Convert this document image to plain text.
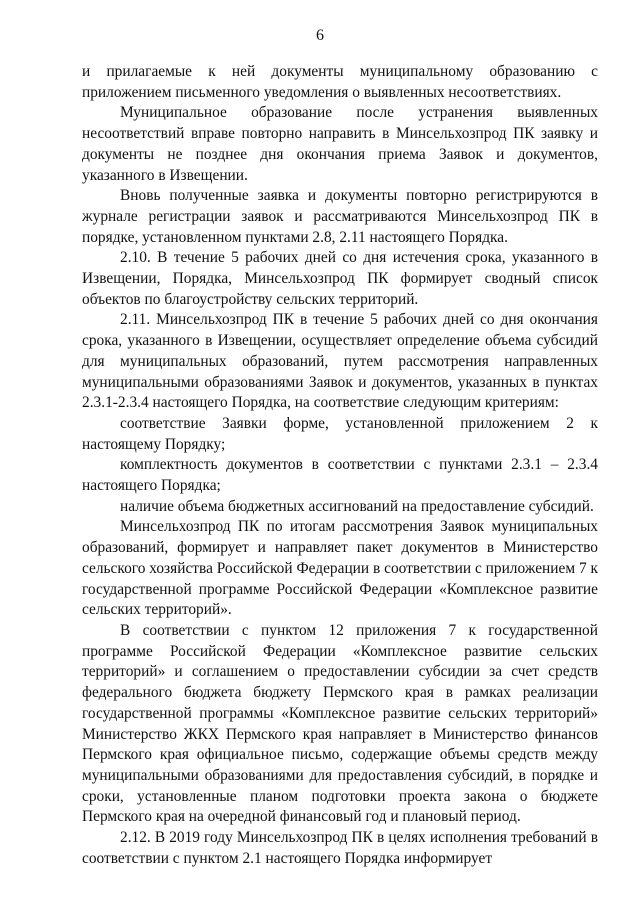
6

и прилагаемые к ней документы муниципальному образованию с приложением письменного уведомления о выявленных несоответствиях.

Муниципальное образование после устранения выявленных несоответствий вправе повторно направить в Минсельхозпрод ПК заявку и документы не позднее дня окончания приема Заявок и документов, указанного в Извещении.

Вновь полученные заявка и документы повторно регистрируются в журнале регистрации заявок и рассматриваются Минсельхозпрод ПК в порядке, установленном пунктами 2.8, 2.11 настоящего Порядка.

2.10. В течение 5 рабочих дней со дня истечения срока, указанного в Извещении, Порядка, Минсельхозпрод ПК формирует сводный список объектов по благоустройству сельских территорий.

2.11. Минсельхозпрод ПК в течение 5 рабочих дней со дня окончания срока, указанного в Извещении, осуществляет определение объема субсидий для муниципальных образований, путем рассмотрения направленных муниципальными образованиями Заявок и документов, указанных в пунктах 2.3.1-2.3.4 настоящего Порядка, на соответствие следующим критериям:

соответствие Заявки форме, установленной приложением 2 к настоящему Порядку;

комплектность документов в соответствии с пунктами 2.3.1 – 2.3.4 настоящего Порядка;

наличие объема бюджетных ассигнований на предоставление субсидий.

Минсельхозпрод ПК по итогам рассмотрения Заявок муниципальных образований, формирует и направляет пакет документов в Министерство сельского хозяйства Российской Федерации в соответствии с приложением 7 к государственной программе Российской Федерации «Комплексное развитие сельских территорий».

В соответствии с пунктом 12 приложения 7 к государственной программе Российской Федерации «Комплексное развитие сельских территорий» и соглашением о предоставлении субсидии за счет средств федерального бюджета бюджету Пермского края в рамках реализации государственной программы «Комплексное развитие сельских территорий» Министерство ЖКХ Пермского края направляет в Министерство финансов Пермского края официальное письмо, содержащие объемы средств между муниципальными образованиями для предоставления субсидий, в порядке и сроки, установленные планом подготовки проекта закона о бюджете Пермского края на очередной финансовый год и плановый период.

2.12. В 2019 году Минсельхозпрод ПК в целях исполнения требований в соответствии с пунктом 2.1 настоящего Порядка информирует
